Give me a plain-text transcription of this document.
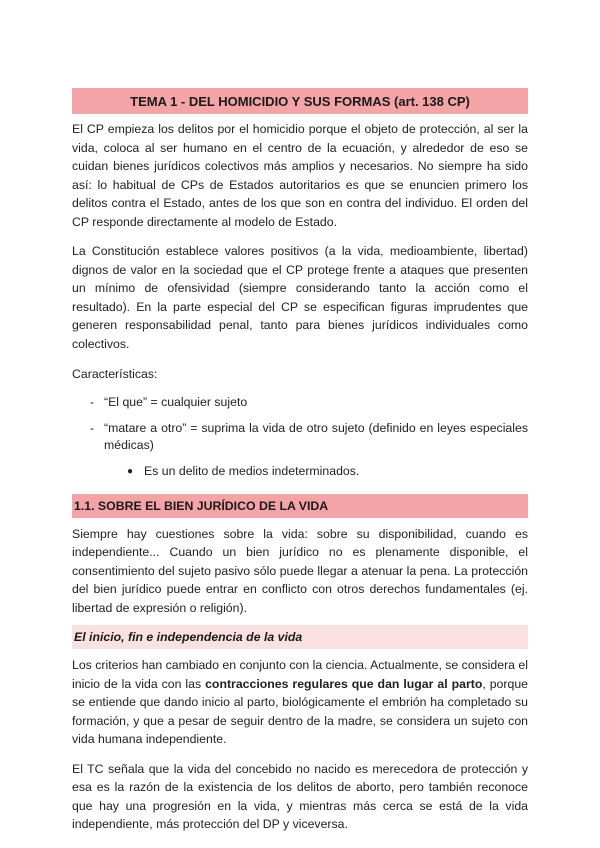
TEMA 1 - DEL HOMICIDIO Y SUS FORMAS (art. 138 CP)

El CP empieza los delitos por el homicidio porque el objeto de protección, al ser la vida, coloca al ser humano en el centro de la ecuación, y alrededor de eso se cuidan bienes jurídicos colectivos más amplios y necesarios. No siempre ha sido así: lo habitual de CPs de Estados autoritarios es que se enuncien primero los delitos contra el Estado, antes de los que son en contra del individuo. El orden del CP responde directamente al modelo de Estado.

La Constitución establece valores positivos (a la vida, medioambiente, libertad) dignos de valor en la sociedad que el CP protege frente a ataques que presenten un mínimo de ofensividad (siempre considerando tanto la acción como el resultado). En la parte especial del CP se especifican figuras imprudentes que generen responsabilidad penal, tanto para bienes jurídicos individuales como colectivos.

Características:

- “El que” = cualquier sujeto
- “matare a otro” = suprima la vida de otro sujeto (definido en leyes especiales médicas)
● Es un delito de medios indeterminados.
1.1. SOBRE EL BIEN JURÍDICO DE LA VIDA

Siempre hay cuestiones sobre la vida: sobre su disponibilidad, cuando es independiente... Cuando un bien jurídico no es plenamente disponible, el consentimiento del sujeto pasivo sólo puede llegar a atenuar la pena. La protección del bien jurídico puede entrar en conflicto con otros derechos fundamentales (ej. libertad de expresión o religión).

El inicio, fin e independencia de la vida

Los criterios han cambiado en conjunto con la ciencia. Actualmente, se considera el inicio de la vida con las contracciones regulares que dan lugar al parto, porque se entiende que dando inicio al parto, biológicamente el embrión ha completado su formación, y que a pesar de seguir dentro de la madre, se considera un sujeto con vida humana independiente.

El TC señala que la vida del concebido no nacido es merecedora de protección y esa es la razón de la existencia de los delitos de aborto, pero también reconoce que hay una progresión en la vida, y mientras más cerca se está de la vida independiente, más protección del DP y viceversa.
